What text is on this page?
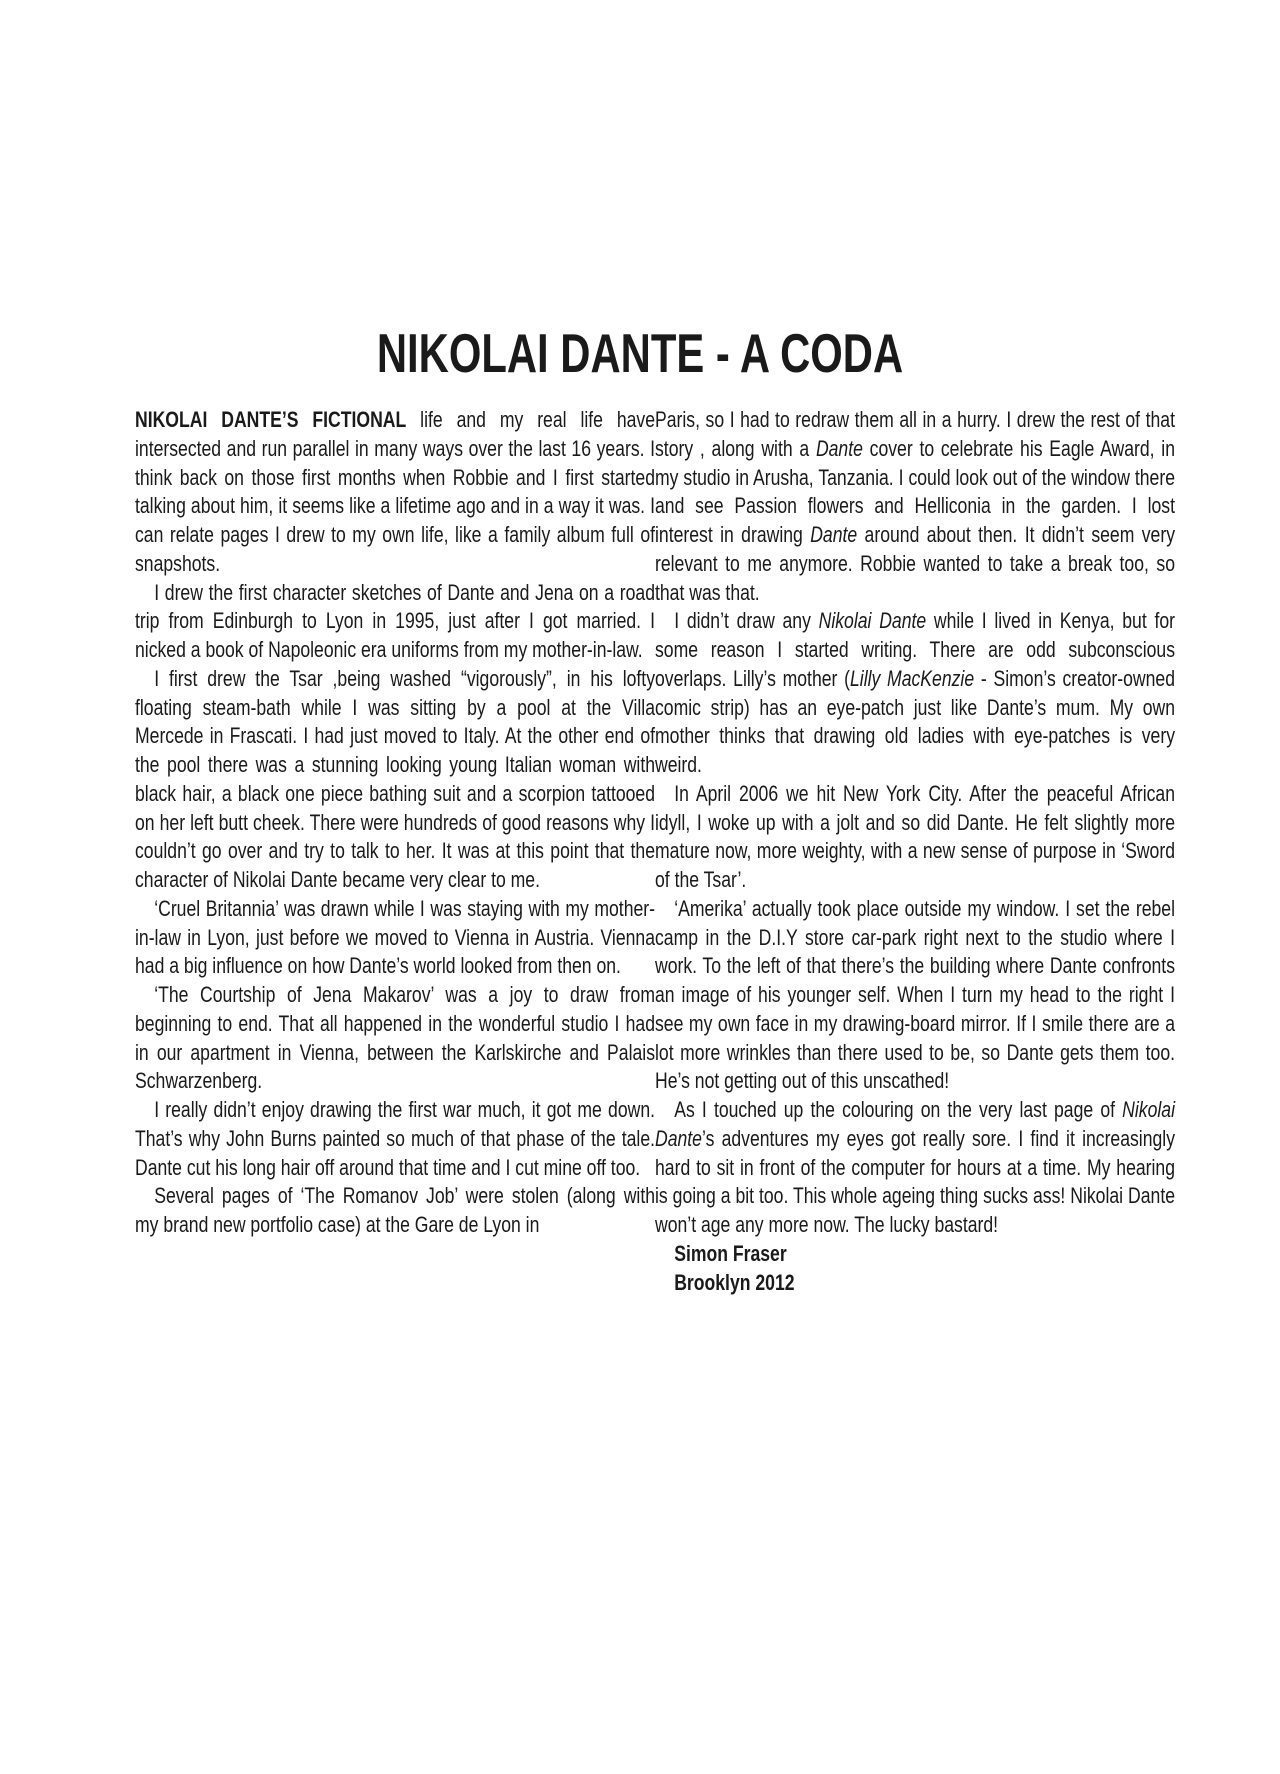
NIKOLAI DANTE - A CODA

NIKOLAI DANTE’S FICTIONAL life and my real life have intersected and run parallel in many ways over the last 16 years. I think back on those first months when Robbie and I first started talking about him, it seems like a lifetime ago and in a way it was. I can relate pages I drew to my own life, like a family album full of snapshots.

I drew the first character sketches of Dante and Jena on a road trip from Edinburgh to Lyon in 1995, just after I got married. I nicked a book of Napoleonic era uniforms from my mother-in-law.

I first drew the Tsar ,being washed “vigorously”, in his lofty floating steam-bath while I was sitting by a pool at the Villa Mercede in Frascati. I had just moved to Italy. At the other end of the pool there was a stunning looking young Italian woman with black hair, a black one piece bathing suit and a scorpion tattooed on her left butt cheek. There were hundreds of good reasons why I couldn’t go over and try to talk to her. It was at this point that the character of Nikolai Dante became very clear to me.

‘Cruel Britannia’ was drawn while I was staying with my mother-in-law in Lyon, just before we moved to Vienna in Austria. Vienna had a big influence on how Dante’s world looked from then on.

‘The Courtship of Jena Makarov’ was a joy to draw from beginning to end. That all happened in the wonderful studio I had in our apartment in Vienna, between the Karlskirche and Palais Schwarzenberg.

I really didn’t enjoy drawing the first war much, it got me down. That’s why John Burns painted so much of that phase of the tale. Dante cut his long hair off around that time and I cut mine off too.

Several pages of ‘The Romanov Job’ were stolen (along with my brand new portfolio case) at the Gare de Lyon in

Paris, so I had to redraw them all in a hurry. I drew the rest of that story , along with a Dante cover to celebrate his Eagle Award, in my studio in Arusha, Tanzania. I could look out of the window there and see Passion flowers and Helliconia in the garden. I lost interest in drawing Dante around about then. It didn’t seem very relevant to me anymore. Robbie wanted to take a break too, so that was that.

I didn’t draw any Nikolai Dante while I lived in Kenya, but for some reason I started writing. There are odd subconscious overlaps. Lilly’s mother (Lilly MacKenzie - Simon’s creator-owned comic strip) has an eye-patch just like Dante’s mum. My own mother thinks that drawing old ladies with eye-patches is very weird.

In April 2006 we hit New York City. After the peaceful African idyll, I woke up with a jolt and so did Dante. He felt slightly more mature now, more weighty, with a new sense of purpose in ‘Sword of the Tsar’.

‘Amerika’ actually took place outside my window. I set the rebel camp in the D.I.Y store car-park right next to the studio where I work. To the left of that there’s the building where Dante confronts an image of his younger self. When I turn my head to the right I see my own face in my drawing-board mirror. If I smile there are a lot more wrinkles than there used to be, so Dante gets them too. He’s not getting out of this unscathed!

As I touched up the colouring on the very last page of Nikolai Dante’s adventures my eyes got really sore. I find it increasingly hard to sit in front of the computer for hours at a time. My hearing is going a bit too. This whole ageing thing sucks ass! Nikolai Dante won’t age any more now. The lucky bastard!

Simon Fraser

Brooklyn 2012
